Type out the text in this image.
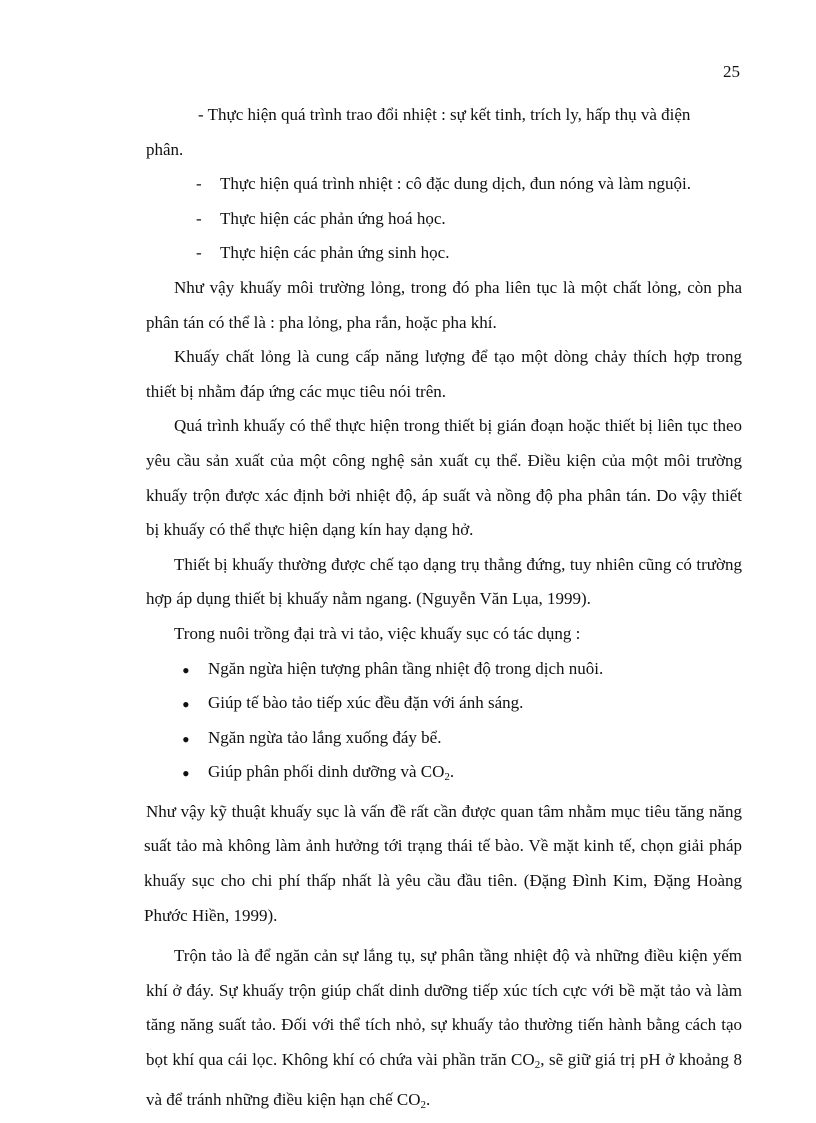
25

- Thực hiện quá trình trao đổi nhiệt : sự kết tinh, trích ly, hấp thụ và điện

phân.

- Thực hiện quá trình nhiệt : cô đặc dung dịch, đun nóng và làm nguội.

- Thực hiện các phản ứng hoá học.

- Thực hiện các phản ứng sinh học.

Như vậy khuấy môi trường lỏng, trong đó pha liên tục là một chất lỏng, còn pha phân tán có thể là : pha lỏng, pha rắn, hoặc pha khí.

Khuấy chất lỏng là cung cấp năng lượng để tạo một dòng chảy thích hợp trong thiết bị nhằm đáp ứng các mục tiêu nói trên.

Quá trình khuấy có thể thực hiện trong thiết bị gián đoạn hoặc thiết bị liên tục theo yêu cầu sản xuất của một công nghệ sản xuất cụ thể. Điều kiện của một môi trường khuấy trộn được xác định bởi nhiệt độ, áp suất và nồng độ pha phân tán. Do vậy thiết bị khuấy có thể thực hiện dạng kín hay dạng hở.

Thiết bị khuấy thường được chế tạo dạng trụ thẳng đứng, tuy nhiên cũng có trường hợp áp dụng thiết bị khuấy nằm ngang. (Nguyễn Văn Lụa, 1999).

Trong nuôi trồng đại trà vi tảo, việc khuấy sục có tác dụng :

• Ngăn ngừa hiện tượng phân tầng nhiệt độ trong dịch nuôi.

• Giúp tế bào tảo tiếp xúc đều đặn với ánh sáng.

• Ngăn ngừa tảo lắng xuống đáy bể.

• Giúp phân phối dinh dưỡng và $CO_2$.

Như vậy kỹ thuật khuấy sục là vấn đề rất cần được quan tâm nhằm mục tiêu tăng năng suất tảo mà không làm ảnh hưởng tới trạng thái tế bào. Về mặt kinh tế, chọn giải pháp khuấy sục cho chi phí thấp nhất là yêu cầu đầu tiên. (Đặng Đình Kim, Đặng Hoàng Phước Hiền, 1999).

Trộn tảo là để ngăn cản sự lắng tụ, sự phân tầng nhiệt độ và những điều kiện yếm khí ở đáy. Sự khuấy trộn giúp chất dinh dưỡng tiếp xúc tích cực với bề mặt tảo và làm tăng năng suất tảo. Đối với thể tích nhỏ, sự khuấy tảo thường tiến hành bằng cách tạo bọt khí qua cái lọc. Không khí có chứa vài phần trăn $CO_2$, sẽ giữ giá trị pH ở khoảng 8 và để tránh những điều kiện hạn chế $CO_2$.
